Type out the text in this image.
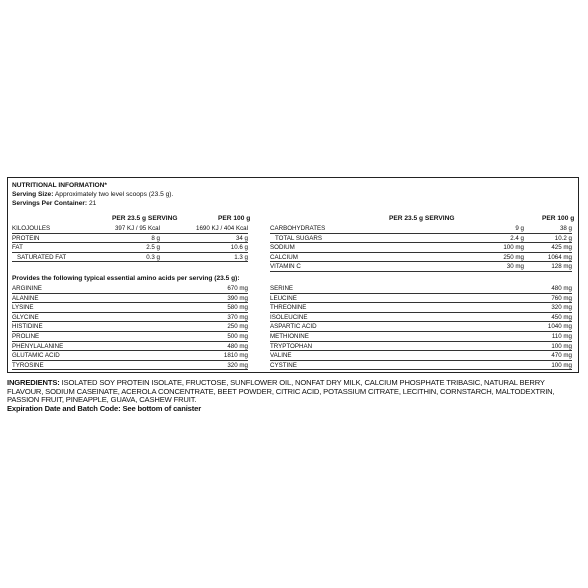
NUTRITIONAL INFORMATION*
Serving Size: Approximately two level scoops (23.5 g).
Servings Per Container: 21
PER 23.5 g SERVING	PER 100 g	PER 23.5 g SERVING	PER 100 g
KILOJOULES	397 KJ / 95 Kcal	1690 KJ / 404 Kcal
PROTEIN	8 g	34 g
FAT	2.5 g	10.6 g
SATURATED FAT	0.3 g	1.3 g
CARBOHYDRATES	9 g	38 g
TOTAL SUGARS	2.4 g	10.2 g
SODIUM	100 mg	425 mg
CALCIUM	250 mg	1064 mg
VITAMIN C	30 mg	128 mg
Provides the following typical essential amino acids per serving (23.5 g):
ARGININE	670 mg
ALANINE	390 mg
LYSINE	580 mg
GLYCINE	370 mg
HISTIDINE	250 mg
PROLINE	500 mg
PHENYLALANINE	480 mg
GLUTAMIC ACID	1810 mg
TYROSINE	320 mg
SERINE	480 mg
LEUCINE	760 mg
THREONINE	320 mg
ISOLEUCINE	450 mg
ASPARTIC ACID	1040 mg
METHIONINE	110 mg
TRYPTOPHAN	100 mg
VALINE	470 mg
CYSTINE	100 mg
INGREDIENTS: ISOLATED SOY PROTEIN ISOLATE, FRUCTOSE, SUNFLOWER OIL, NONFAT DRY MILK, CALCIUM PHOSPHATE TRIBASIC, NATURAL BERRY FLAVOUR, SODIUM CASEINATE, ACEROLA CONCENTRATE, BEET POWDER, CITRIC ACID, POTASSIUM CITRATE, LECITHIN, CORNSTARCH, MALTODEXTRIN, PASSION FRUIT, PINEAPPLE, GUAVA, CASHEW FRUIT.
Expiration Date and Batch Code: See bottom of canister
